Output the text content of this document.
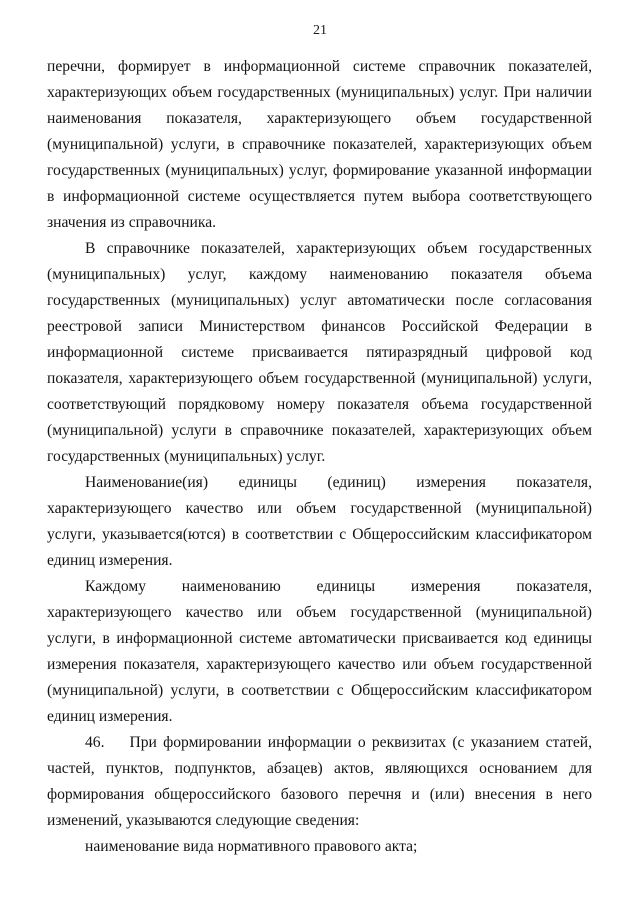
21

перечни, формирует в информационной системе справочник показателей, характеризующих объем государственных (муниципальных) услуг. При наличии наименования показателя, характеризующего объем государственной (муниципальной) услуги, в справочнике показателей, характеризующих объем государственных (муниципальных) услуг, формирование указанной информации в информационной системе осуществляется путем выбора соответствующего значения из справочника.

В справочнике показателей, характеризующих объем государственных (муниципальных) услуг, каждому наименованию показателя объема государственных (муниципальных) услуг автоматически после согласования реестровой записи Министерством финансов Российской Федерации в информационной системе присваивается пятиразрядный цифровой код показателя, характеризующего объем государственной (муниципальной) услуги, соответствующий порядковому номеру показателя объема государственной (муниципальной) услуги в справочнике показателей, характеризующих объем государственных (муниципальных) услуг.

Наименование(ия) единицы (единиц) измерения показателя, характеризующего качество или объем государственной (муниципальной) услуги, указывается(ются) в соответствии с Общероссийским классификатором единиц измерения.

Каждому наименованию единицы измерения показателя, характеризующего качество или объем государственной (муниципальной) услуги, в информационной системе автоматически присваивается код единицы измерения показателя, характеризующего качество или объем государственной (муниципальной) услуги, в соответствии с Общероссийским классификатором единиц измерения.

46.    При формировании информации о реквизитах (с указанием статей, частей, пунктов, подпунктов, абзацев) актов, являющихся основанием для формирования общероссийского базового перечня и (или) внесения в него изменений, указываются следующие сведения:

наименование вида нормативного правового акта;
